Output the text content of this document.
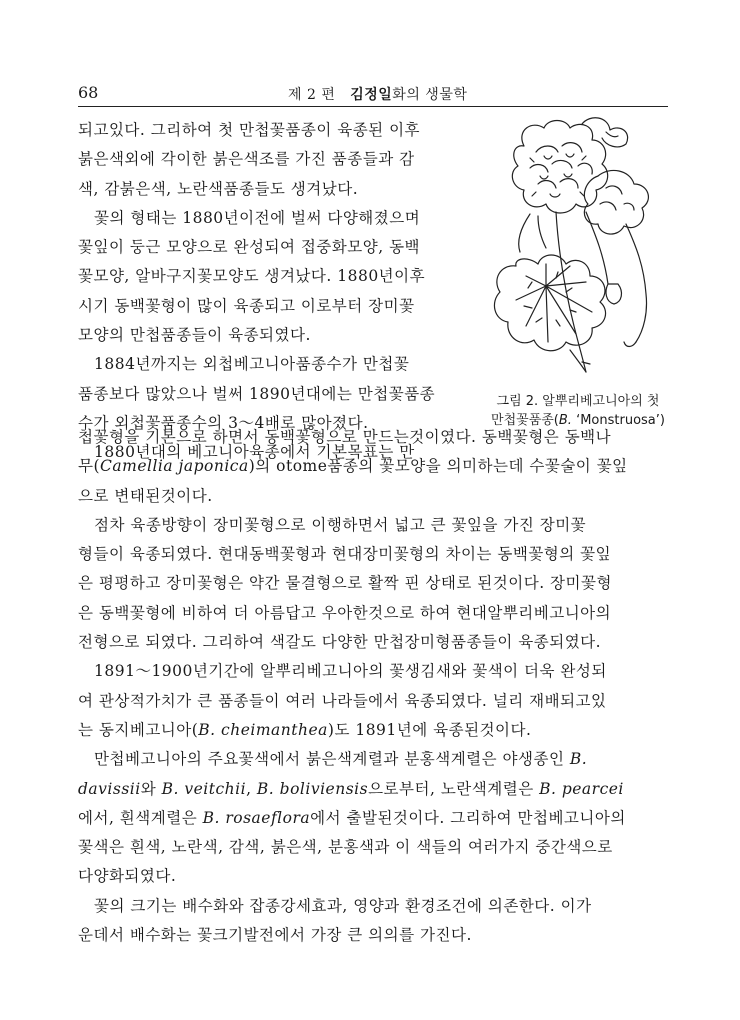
68	제 2 편 김정일화의 생물학

되고있다. 그리하여 첫 만첩꽃품종이 육종된 이후

붉은색외에 각이한 붉은색조를 가진 품종들과 감

색, 감붉은색, 노란색품종들도 생겨났다.

　꽃의 형태는 1880년이전에 벌써 다양해졌으며

꽃잎이 둥근 모양으로 완성되여 접중화모양, 동백

꽃모양, 알바구지꽃모양도 생겨났다. 1880년이후

시기 동백꽃형이 많이 육종되고 이로부터 장미꽃

모양의 만첩품종들이 육종되였다.

　1884년까지는 외첩베고니아품종수가 만첩꽃

품종보다 많았으나 벌써 1890년대에는 만첩꽃품종

수가 외첩꽃품종수의 3～4배로 많아졌다.

　1880년대의 베고니아육종에서 기본목표는 만

그림 2. 알뿌리베고니아의 첫

만첩꽃품종(B. ‘Monstruosa’)

첩꽃형을 기본으로 하면서 동백꽃형으로 만드는것이였다. 동백꽃형은 동백나

무(Camellia japonica)의 otome품종의 꽃모양을 의미하는데 수꽃술이 꽃잎

으로 변태된것이다.

　점차 육종방향이 장미꽃형으로 이행하면서 넓고 큰 꽃잎을 가진 장미꽃

형들이 육종되였다. 현대동백꽃형과 현대장미꽃형의 차이는 동백꽃형의 꽃잎

은 평평하고 장미꽃형은 약간 물결형으로 활짝 핀 상태로 된것이다. 장미꽃형

은 동백꽃형에 비하여 더 아름답고 우아한것으로 하여 현대알뿌리베고니아의

전형으로 되였다. 그리하여 색갈도 다양한 만첩장미형품종들이 육종되였다.

　1891～1900년기간에 알뿌리베고니아의 꽃생김새와 꽃색이 더욱 완성되

여 관상적가치가 큰 품종들이 여러 나라들에서 육종되였다. 널리 재배되고있

는 동지베고니아(B. cheimanthea)도 1891년에 육종된것이다.

　만첩베고니아의 주요꽃색에서 붉은색계렬과 분홍색계렬은 야생종인 B.

davissii와 B. veitchii, B. boliviensis으로부터, 노란색계렬은 B. pearcei

에서, 흰색계렬은 B. rosaeflora에서 출발된것이다. 그리하여 만첩베고니아의

꽃색은 흰색, 노란색, 감색, 붉은색, 분홍색과 이 색들의 여러가지 중간색으로

다양화되였다.

　꽃의 크기는 배수화와 잡종강세효과, 영양과 환경조건에 의존한다. 이가

운데서 배수화는 꽃크기발전에서 가장 큰 의의를 가진다.
